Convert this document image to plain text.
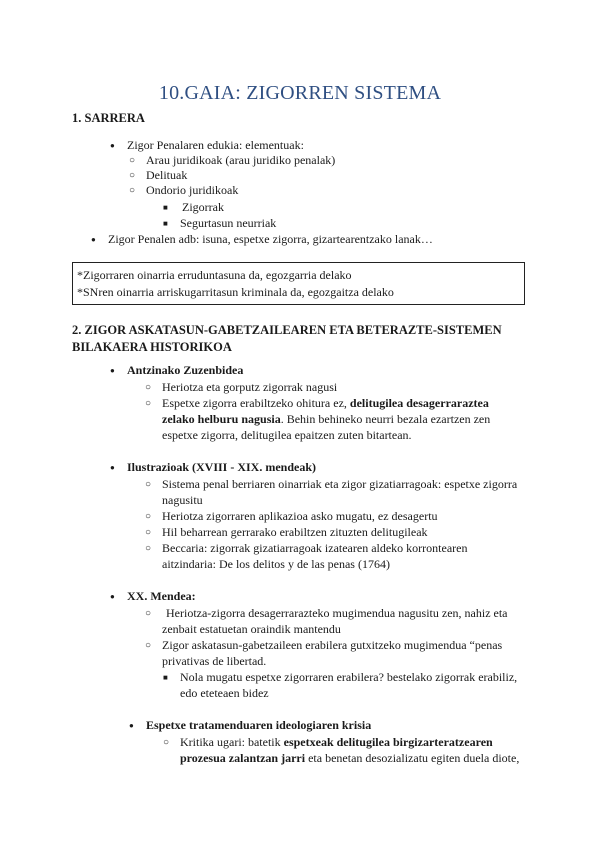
10.GAIA: ZIGORREN SISTEMA
1. SARRERA
●
Zigor Penalaren edukia: elementuak:
○
Arau juridikoak (arau juridiko penalak)
○
Delituak
○
Ondorio juridikoak
■
Zigorrak
■
Segurtasun neurriak
●
Zigor Penalen adb: isuna, espetxe zigorra, gizartearentzako lanak…
*Zigorraren oinarria erruduntasuna da, egozgarria delako
*SNren oinarria arriskugarritasun kriminala da, egozgaitza delako
2. ZIGOR ASKATASUN-GABETZAILEAREN ETA BETERAZTE-SISTEMEN
BILAKAERA HISTORIKOA
●
Antzinako Zuzenbidea
○
Heriotza eta gorputz zigorrak nagusi
○
Espetxe zigorra erabiltzeko ohitura ez, delitugilea desagerraraztea
zelako helburu nagusia. Behin behineko neurri bezala ezartzen zen
espetxe zigorra, delitugilea epaitzen zuten bitartean.
●
Ilustrazioak (XVIII - XIX. mendeak)
○
Sistema penal berriaren oinarriak eta zigor gizatiarragoak: espetxe zigorra
nagusitu
○
Heriotza zigorraren aplikazioa asko mugatu, ez desagertu
○
Hil beharrean gerrarako erabiltzen zituzten delitugileak
○
Beccaria: zigorrak gizatiarragoak izatearen aldeko korrontearen
aitzindaria: De los delitos y de las penas (1764)
●
XX. Mendea:
○
Heriotza-zigorra desagerrarazteko mugimendua nagusitu zen, nahiz eta
zenbait estatuetan oraindik mantendu
○
Zigor askatasun-gabetzaileen erabilera gutxitzeko mugimendua “penas
privativas de libertad.
■
Nola mugatu espetxe zigorraren erabilera? bestelako zigorrak erabiliz,
edo eteteaen bidez
●
Espetxe tratamenduaren ideologiaren krisia
○
Kritika ugari: batetik espetxeak delitugilea birgizarteratzearen
prozesua zalantzan jarri eta benetan desozializatu egiten duela diote,
